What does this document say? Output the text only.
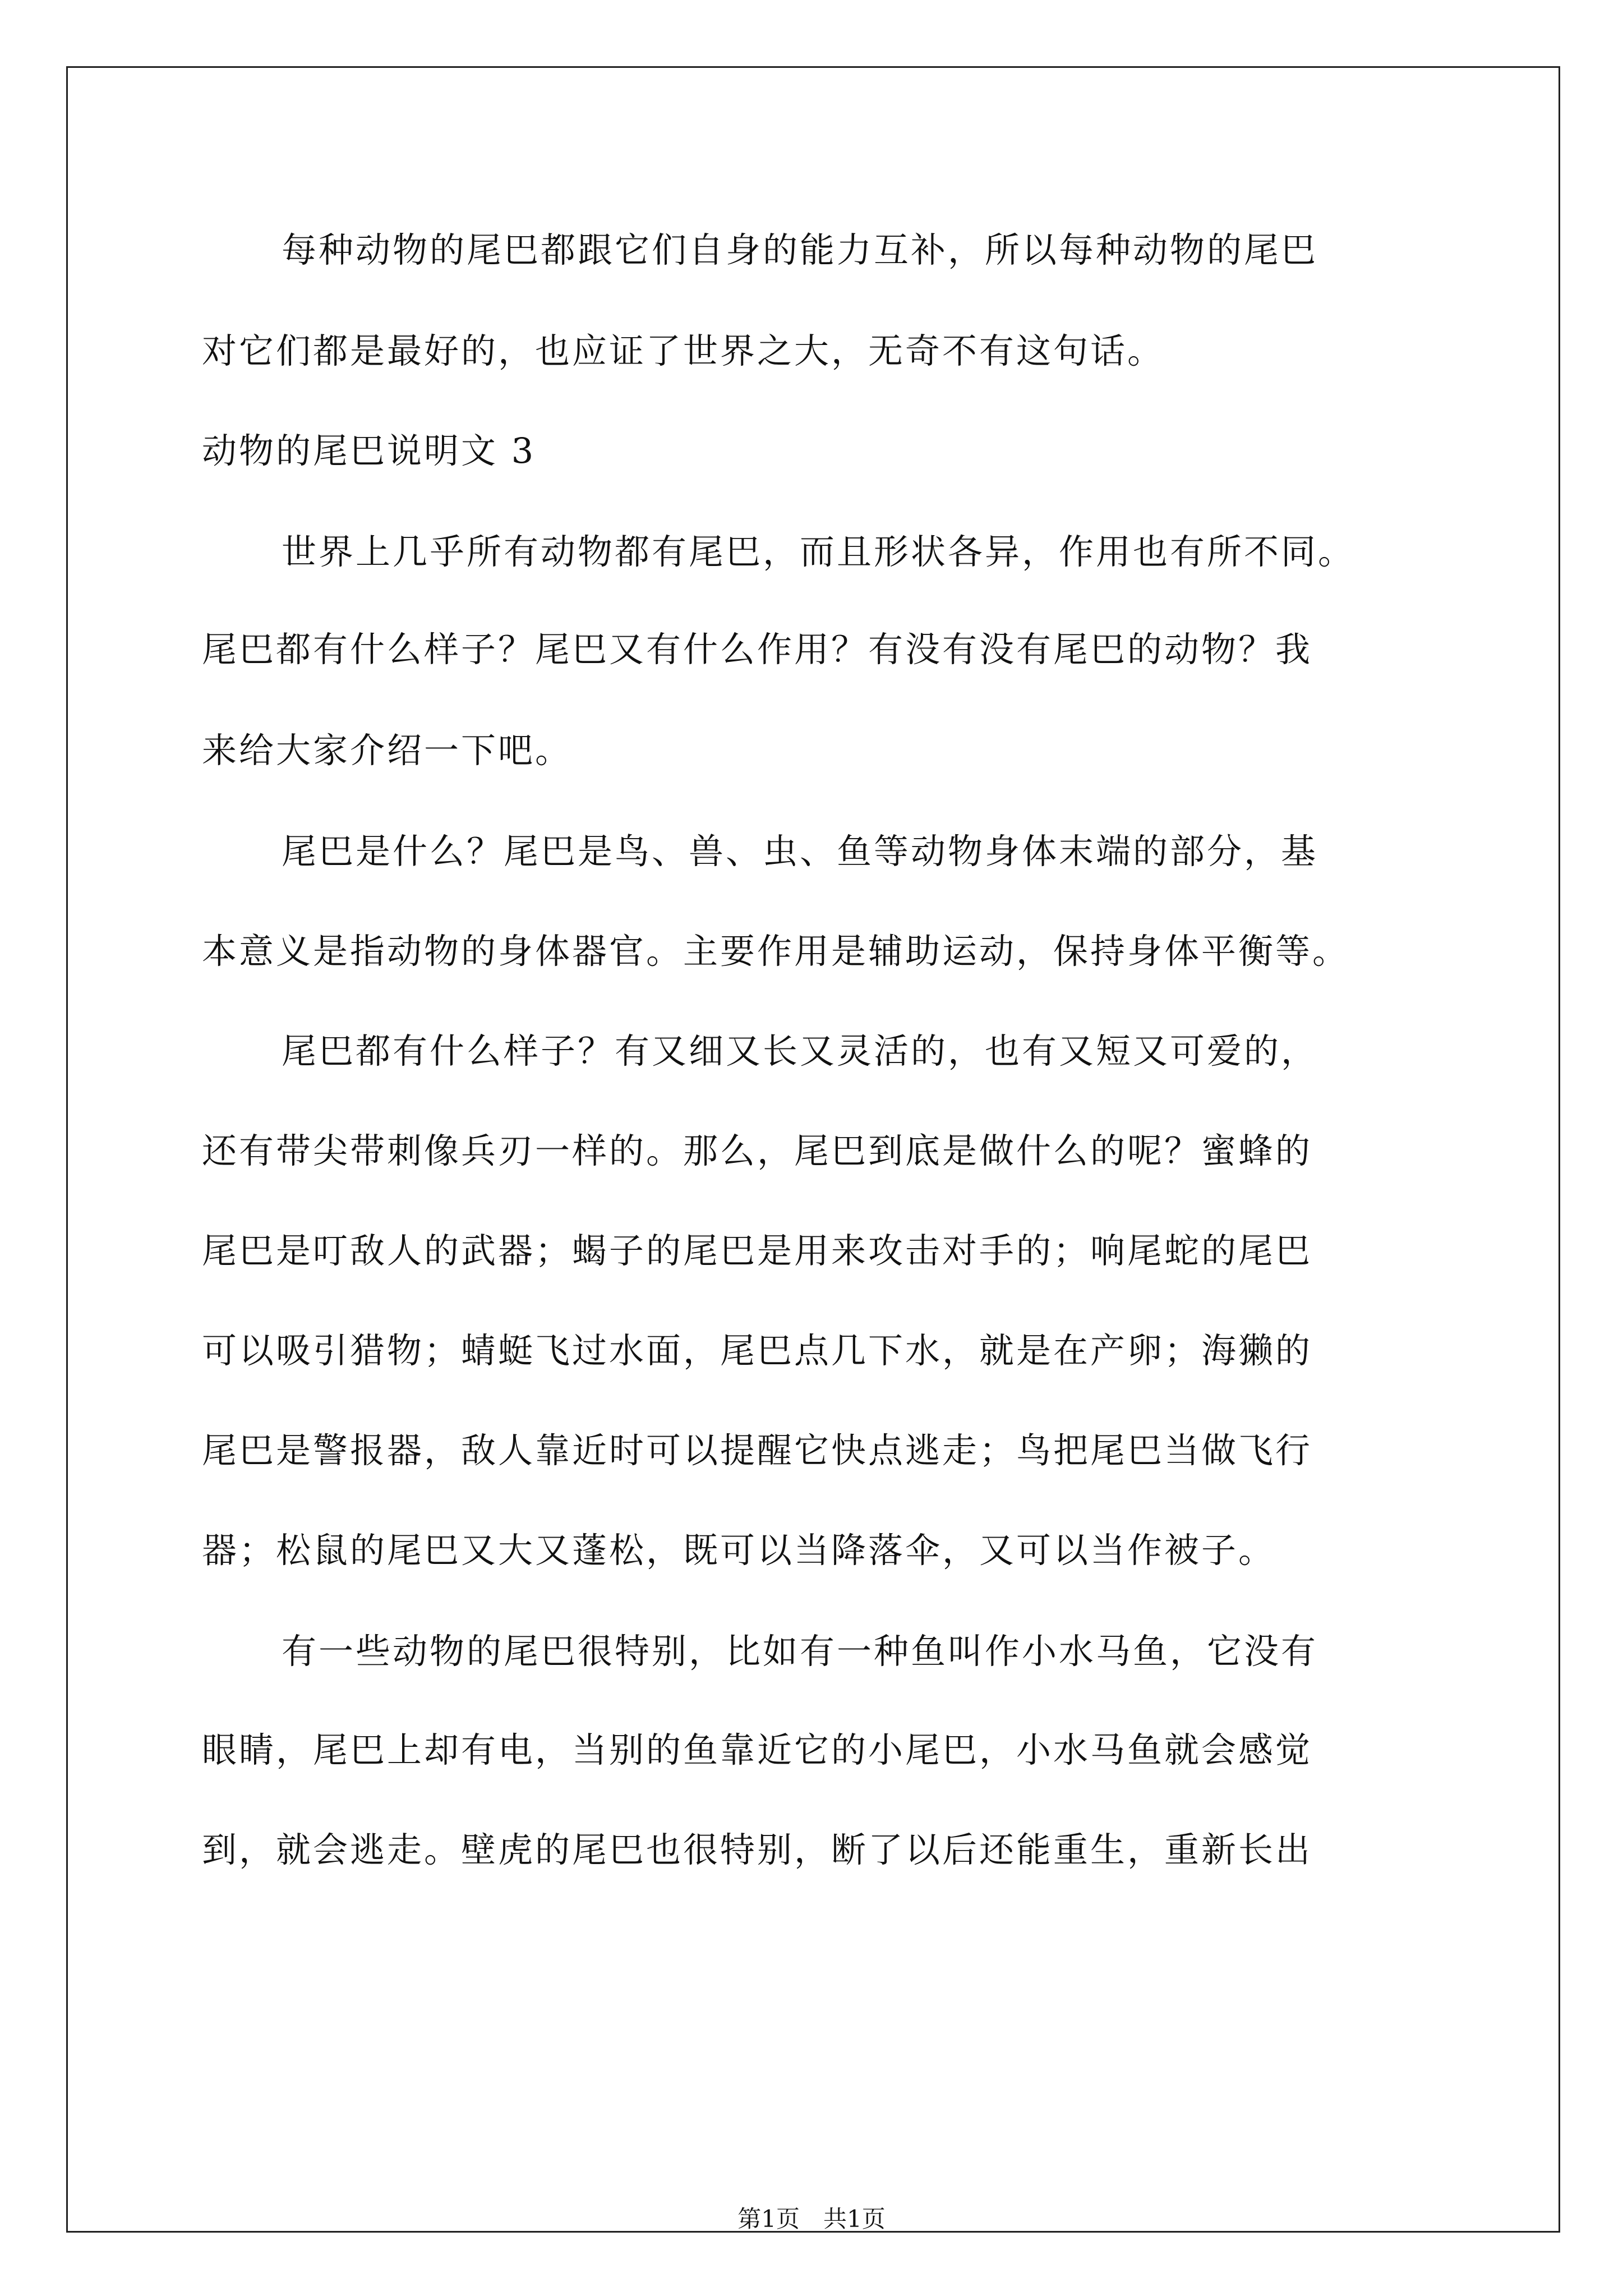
每种动物的尾巴都跟它们自身的能力互补，所以每种动物的尾巴
对它们都是最好的，也应证了世界之大，无奇不有这句话。
动物的尾巴说明文 3
世界上几乎所有动物都有尾巴，而且形状各异，作用也有所不同。
尾巴都有什么样子？尾巴又有什么作用？有没有没有尾巴的动物？我
来给大家介绍一下吧。
尾巴是什么？尾巴是鸟、兽、虫、鱼等动物身体末端的部分，基
本意义是指动物的身体器官。主要作用是辅助运动，保持身体平衡等。
尾巴都有什么样子？有又细又长又灵活的，也有又短又可爱的，
还有带尖带刺像兵刃一样的。那么，尾巴到底是做什么的呢？蜜蜂的
尾巴是叮敌人的武器；蝎子的尾巴是用来攻击对手的；响尾蛇的尾巴
可以吸引猎物；蜻蜓飞过水面，尾巴点几下水，就是在产卵；海獭的
尾巴是警报器，敌人靠近时可以提醒它快点逃走；鸟把尾巴当做飞行
器；松鼠的尾巴又大又蓬松，既可以当降落伞，又可以当作被子。
有一些动物的尾巴很特别，比如有一种鱼叫作小水马鱼，它没有
眼睛，尾巴上却有电，当别的鱼靠近它的小尾巴，小水马鱼就会感觉
到，就会逃走。壁虎的尾巴也很特别，断了以后还能重生，重新长出
第1页　共1页
